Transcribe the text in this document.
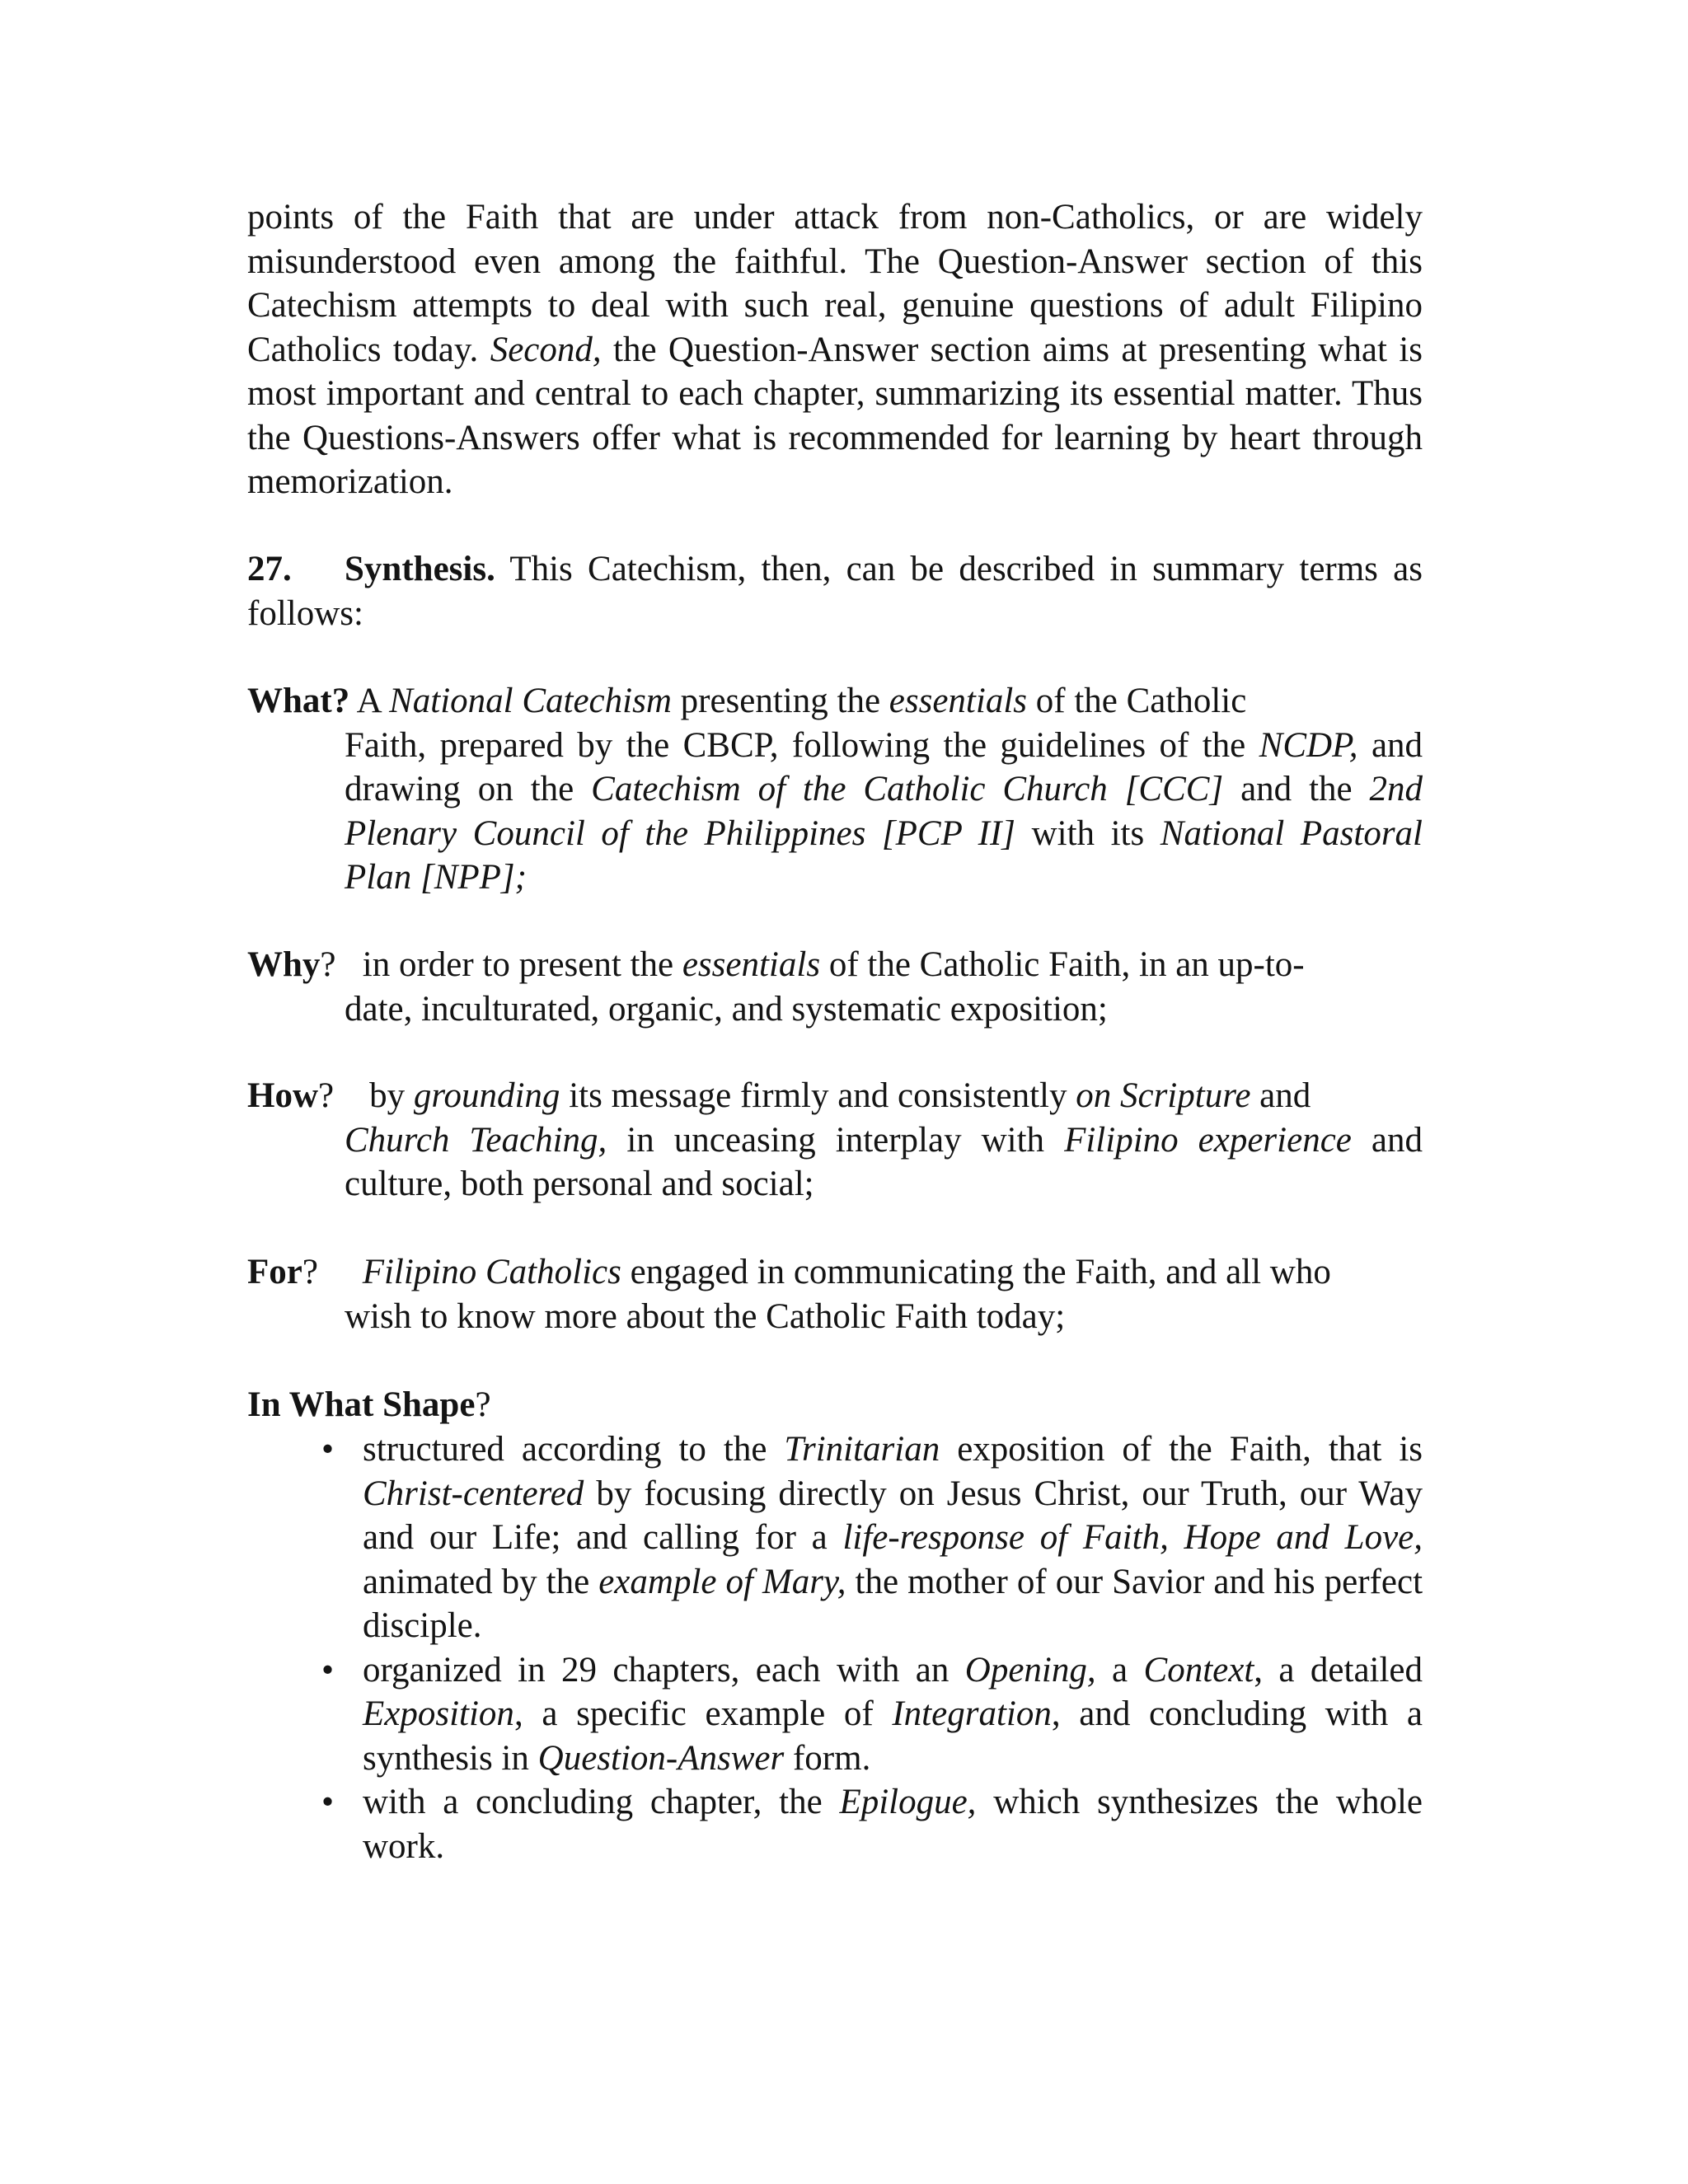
points of the Faith that are under attack from non-Catholics, or are widely misunderstood even among the faithful. The Question-Answer section of this Catechism attempts to deal with such real, genuine questions of adult Filipino Catholics today. Second, the Question-Answer section aims at presenting what is most important and central to each chapter, summarizing its essential matter. Thus the Questions-Answers offer what is recommended for learning by heart through memorization.

27. Synthesis. This Catechism, then, can be described in summary terms as follows:

What? A National Catechism presenting the essentials of the Catholic
Faith, prepared by the CBCP, following the guidelines of the NCDP, and drawing on the Catechism of the Catholic Church [CCC] and the 2nd Plenary Council of the Philippines [PCP II] with its National Pastoral Plan [NPP];
Why? in order to present the essentials of the Catholic Faith, in an up-to-
date, inculturated, organic, and systematic exposition;
How? by grounding its message firmly and consistently on Scripture and
Church Teaching, in unceasing interplay with Filipino experience and culture, both personal and social;
For? Filipino Catholics engaged in communicating the Faith, and all who
wish to know more about the Catholic Faith today;
In What Shape?
• structured according to the Trinitarian exposition of the Faith, that is Christ-centered by focusing directly on Jesus Christ, our Truth, our Way and our Life; and calling for a life-response of Faith, Hope and Love, animated by the example of Mary, the mother of our Savior and his perfect disciple.
• organized in 29 chapters, each with an Opening, a Context, a detailed Exposition, a specific example of Integration, and concluding with a synthesis in Question-Answer form.
• with a concluding chapter, the Epilogue, which synthesizes the whole work.
